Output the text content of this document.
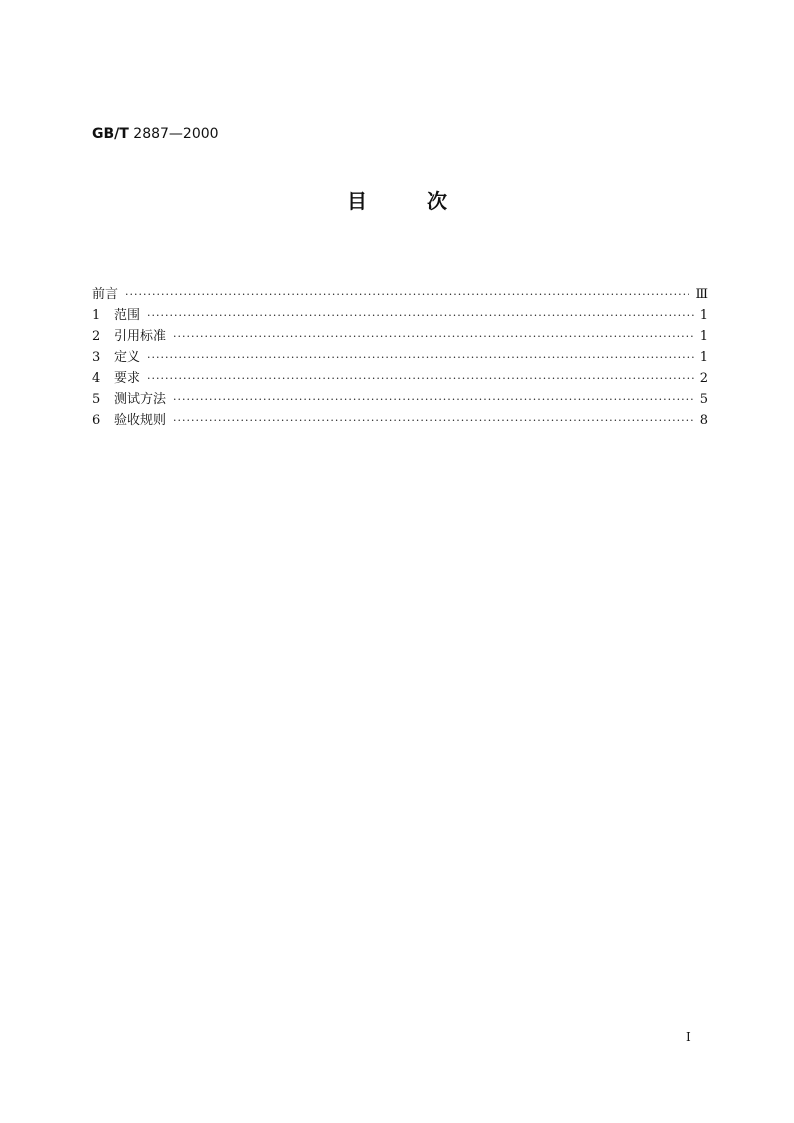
GB/T 2887—2000
目次
前言 ·····	Ⅲ
1	范围 ·····	1
2	引用标准 ·····	1
3	定义 ·····	1
4	要求 ·····	2
5	测试方法 ·····	5
6	验收规则 ·····	8
Ⅰ
